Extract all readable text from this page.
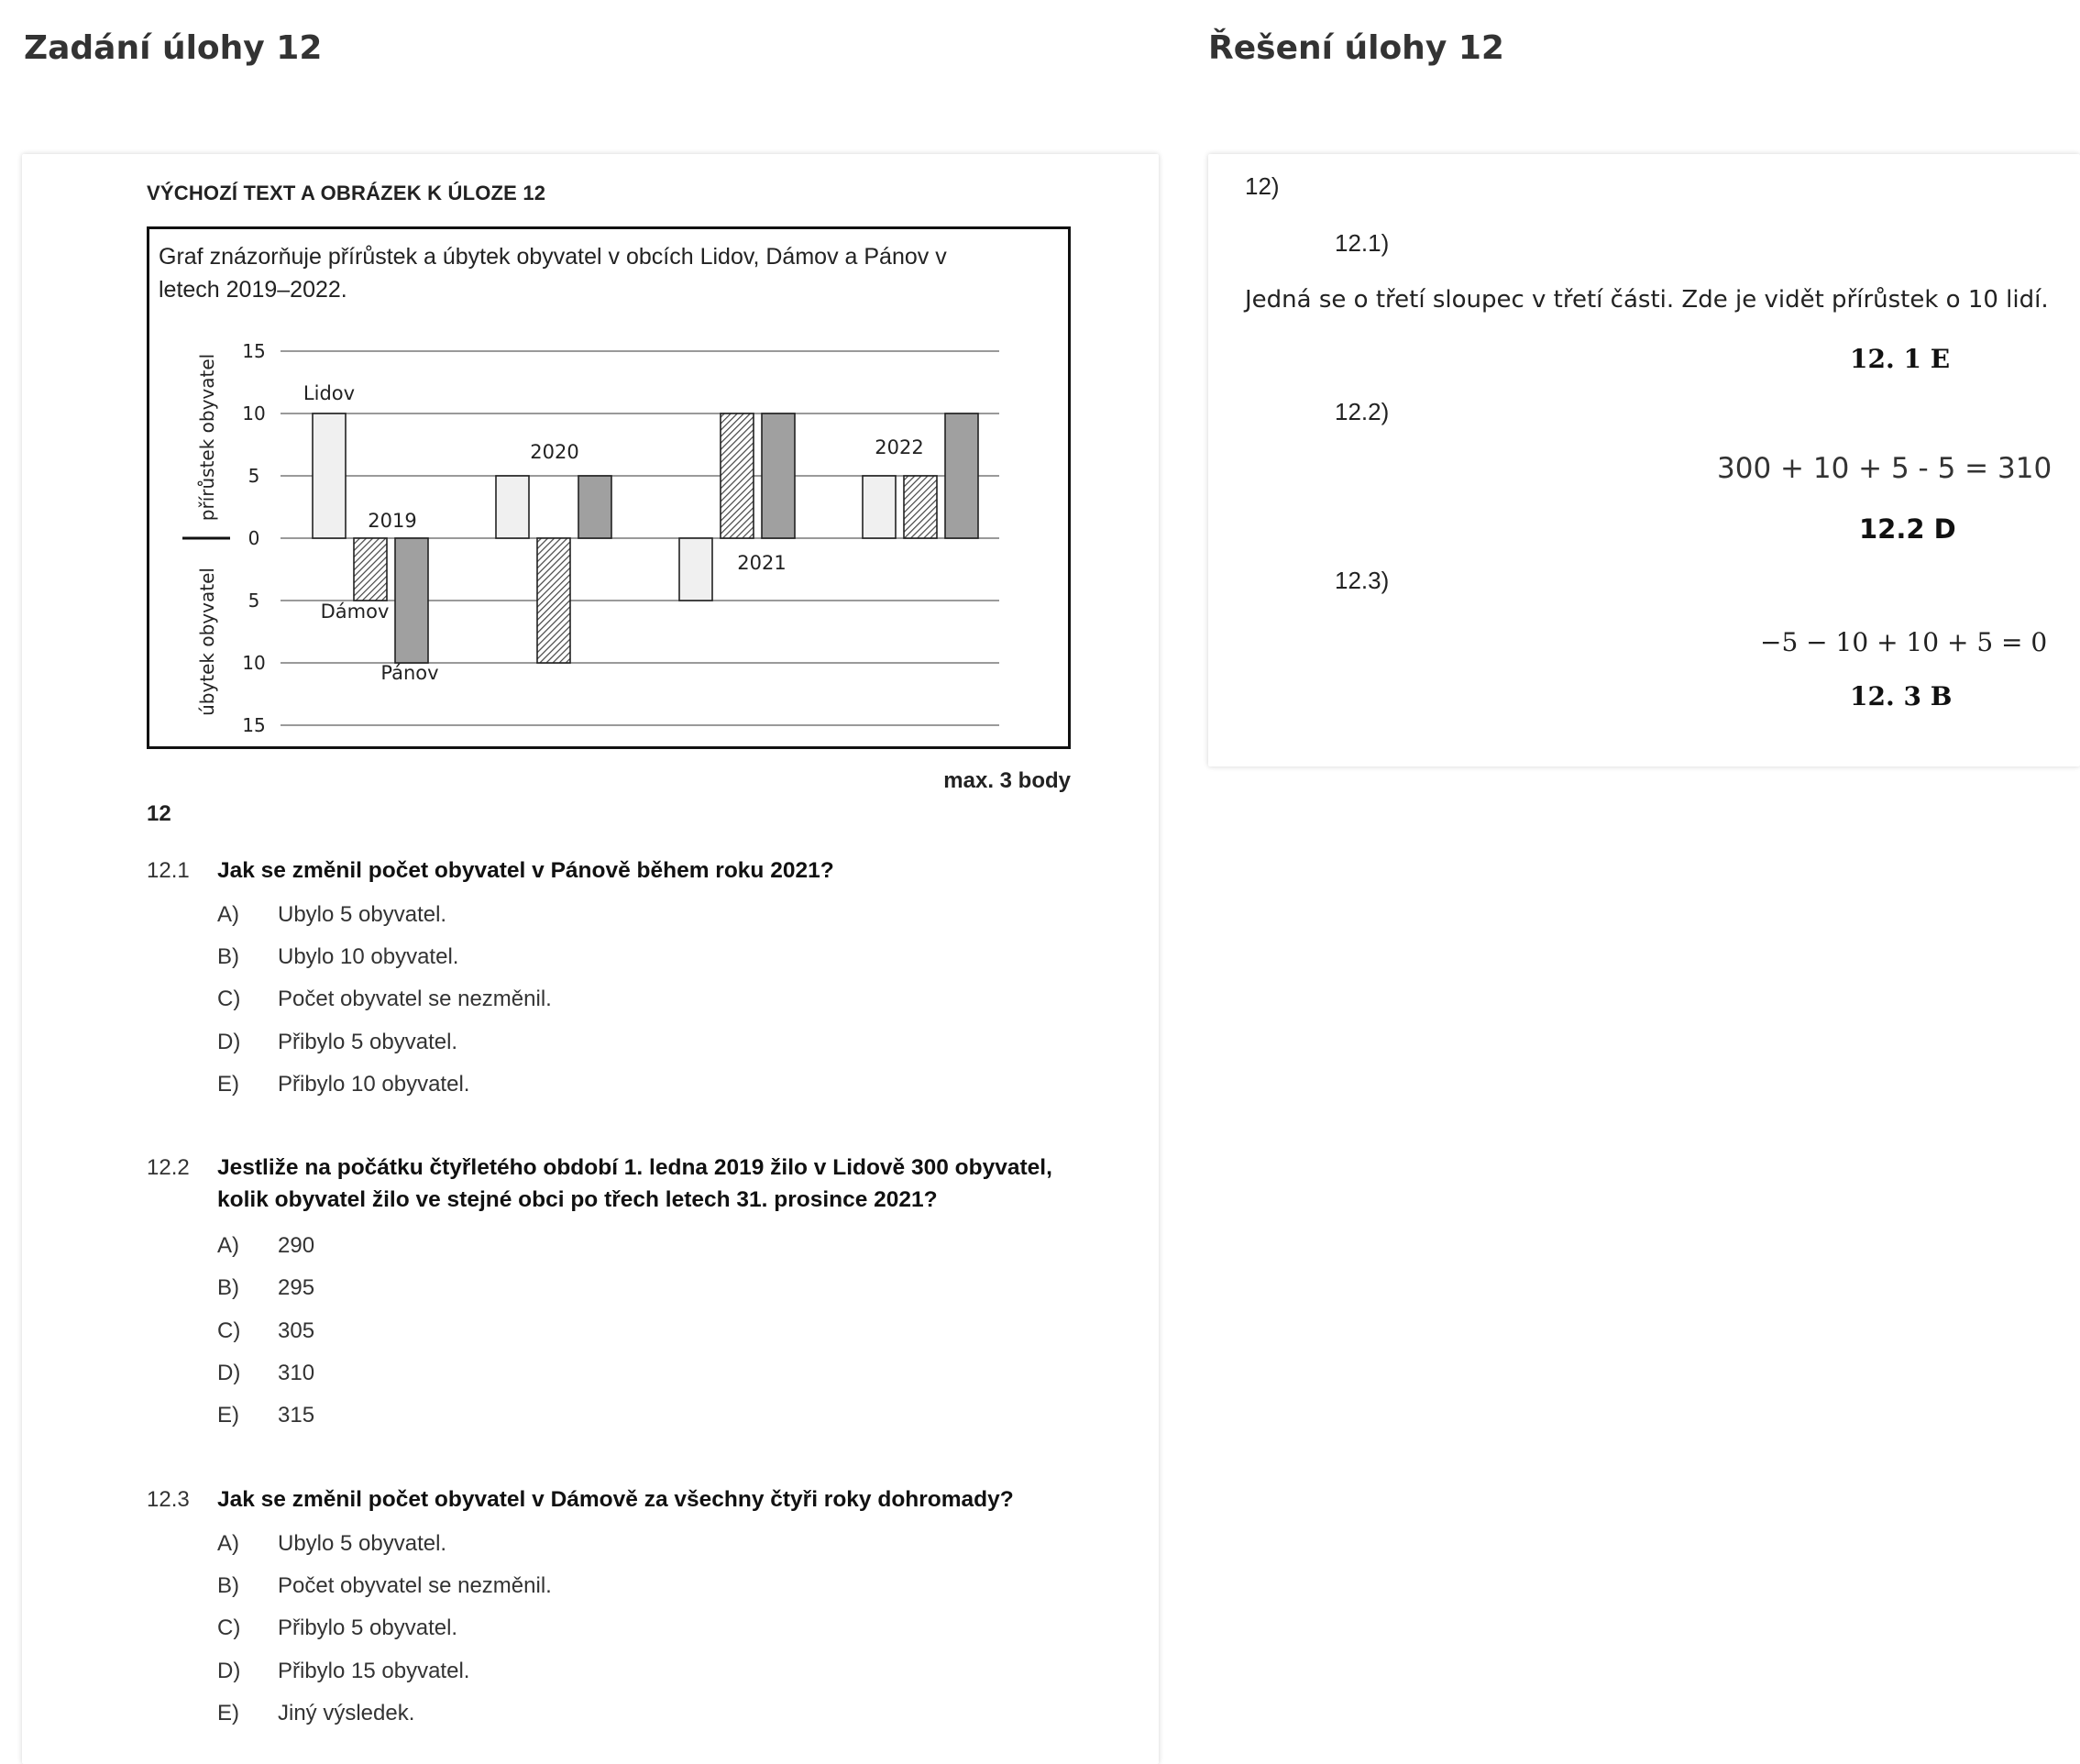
Zadání úlohy 12	Řešení úlohy 12
VÝCHOZÍ TEXT A OBRÁZEK K ÚLOZE 12
Graf znázorňuje přírůstek a úbytek obyvatel v obcích Lidov, Dámov a Pánov v letech 2019–2022.
15
10
5
0
5
10
15
přírůstek obyvatel
úbytek obyvatel
2019
2020
2021
2022
Lidov
Dámov
Pánov
max. 3 body
12
12.1 Jak se změnil počet obyvatel v Pánově během roku 2021?
A) Ubylo 5 obyvatel.
B) Ubylo 10 obyvatel.
C) Počet obyvatel se nezměnil.
D) Přibylo 5 obyvatel.
E) Přibylo 10 obyvatel.
12.2 Jestliže na počátku čtyřletého období 1. ledna 2019 žilo v Lidově 300 obyvatel,
kolik obyvatel žilo ve stejné obci po třech letech 31. prosince 2021?
A) 290
B) 295
C) 305
D) 310
E) 315
12.3 Jak se změnil počet obyvatel v Dámově za všechny čtyři roky dohromady?
A) Ubylo 5 obyvatel.
B) Počet obyvatel se nezměnil.
C) Přibylo 5 obyvatel.
D) Přibylo 15 obyvatel.
E) Jiný výsledek.
12)
12.1)
Jedná se o třetí sloupec v třetí části. Zde je vidět přírůstek o 10 lidí.
12. 1 E
12.2)
300 + 10 + 5 - 5 = 310
12.2 D
12.3)
−5 − 10 + 10 + 5 = 0
12. 3 B
